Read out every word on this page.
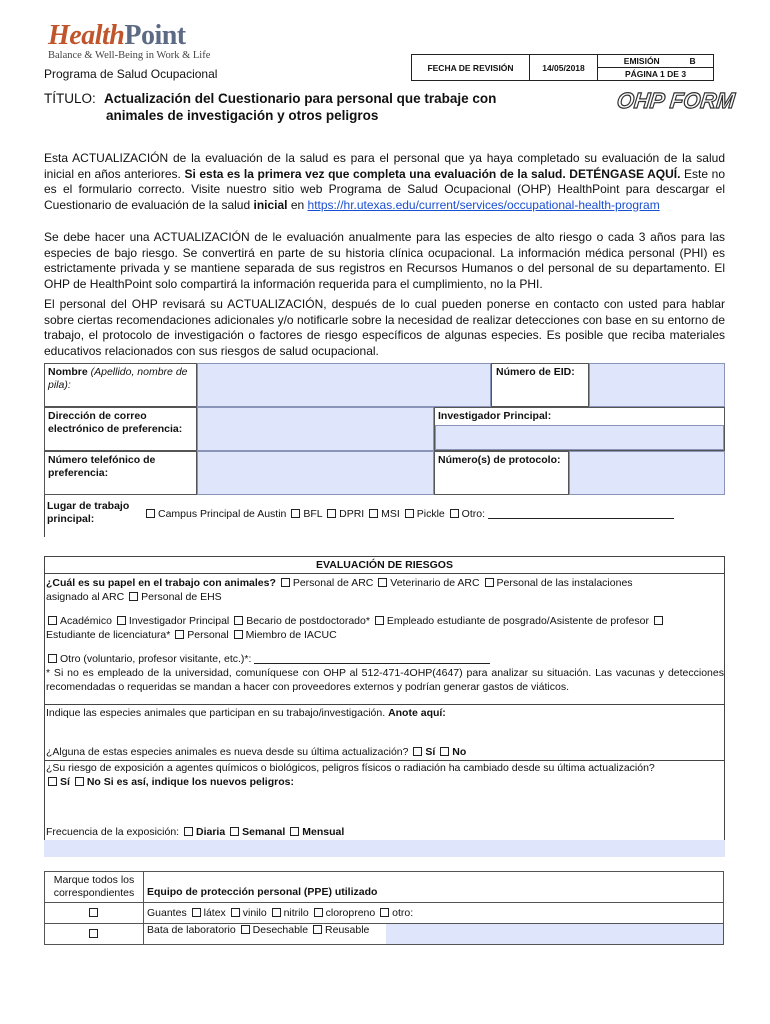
HealthPoint
Balance & Well-Being in Work & Life
Programa de Salud Ocupacional	FECHA DE REVISIÓN	14/05/2018	EMISIÓN	B
PÁGINA 1 DE 3
TÍTULO: Actualización del Cuestionario para personal que trabaje con
animales de investigación y otros peligros
OHP FORM
Esta ACTUALIZACIÓN de la evaluación de la salud es para el personal que ya haya completado su evaluación de la salud inicial en años anteriores. Si esta es la primera vez que completa una evaluación de la salud. DETÉNGASE AQUÍ. Este no es el formulario correcto. Visite nuestro sitio web Programa de Salud Ocupacional (OHP) HealthPoint para descargar el Cuestionario de evaluación de la salud inicial en https://hr.utexas.edu/current/services/occupational-health-program
Se debe hacer una ACTUALIZACIÓN de le evaluación anualmente para las especies de alto riesgo o cada 3 años para las especies de bajo riesgo. Se convertirá en parte de su historia clínica ocupacional. La información médica personal (PHI) es estrictamente privada y se mantiene separada de sus registros en Recursos Humanos o del personal de su departamento. El OHP de HealthPoint solo compartirá la información requerida para el cumplimiento, no la PHI.
El personal del OHP revisará su ACTUALIZACIÓN, después de lo cual pueden ponerse en contacto con usted para hablar sobre ciertas recomendaciones adicionales y/o notificarle sobre la necesidad de realizar detecciones con base en su entorno de trabajo, el protocolo de investigación o factores de riesgo específicos de algunas especies. Es posible que reciba materiales educativos relacionados con sus riesgos de salud ocupacional.
Nombre (Apellido, nombre de pila):
Número de EID:
Dirección de correo electrónico de preferencia:
Investigador Principal:
Número telefónico de preferencia:
Número(s) de protocolo:
Lugar de trabajo principal:	Campus Principal de Austin BFL DPRI MSI Pickle Otro:
EVALUACIÓN DE RIESGOS
¿Cuál es su papel en el trabajo con animales? Personal de ARC Veterinario de ARC Personal de las instalaciones
asignado al ARC Personal de EHS
Académico Investigador Principal Becario de postdoctorado* Empleado estudiante de posgrado/Asistente de profesor
Estudiante de licenciatura* Personal Miembro de IACUC
Otro (voluntario, profesor visitante, etc.)*:
* Si no es empleado de la universidad, comuníquese con OHP al 512-471-4OHP(4647) para analizar su situación. Las vacunas y detecciones recomendadas o requeridas se mandan a hacer con proveedores externos y podrían generar gastos de viáticos.
Indique las especies animales que participan en su trabajo/investigación. Anote aquí:
¿Alguna de estas especies animales es nueva desde su última actualización? Sí No
¿Su riesgo de exposición a agentes químicos o biológicos, peligros físicos o radiación ha cambiado desde su última actualización?
Sí No Si es así, indique los nuevos peligros:
Frecuencia de la exposición: Diaria Semanal Mensual
Marque todos los correspondientes	Equipo de protección personal (PPE) utilizado
	Guantes látex vinilo nitrilo cloropreno otro:
	Bata de laboratorio Desechable Reusable
